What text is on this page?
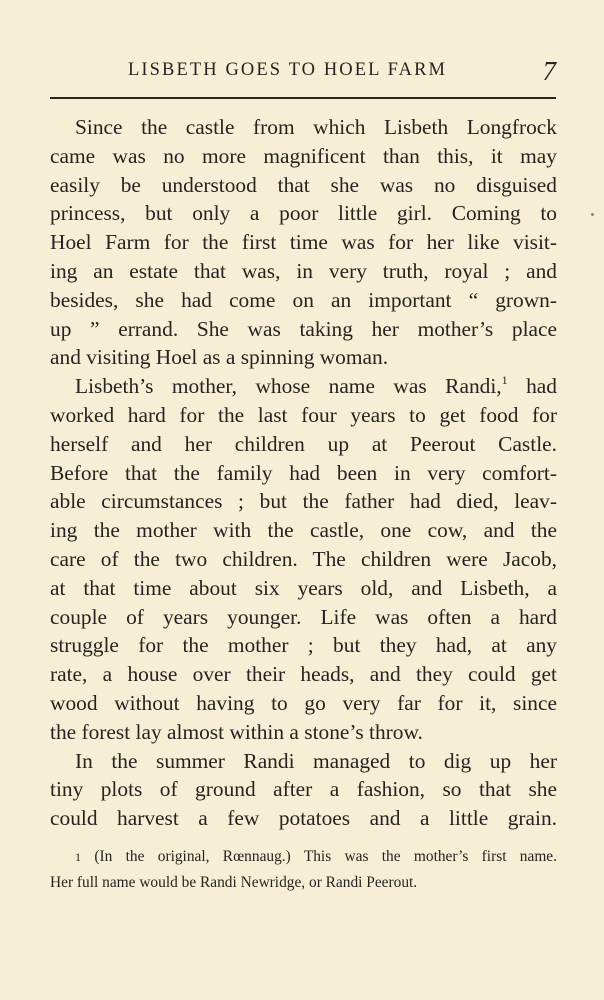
LISBETH GOES TO HOEL FARM	7
Since the castle from which Lisbeth Longfrock
came was no more magnificent than this, it may
easily be understood that she was no disguised
princess, but only a poor little girl. Coming to
Hoel Farm for the first time was for her like visit-
ing an estate that was, in very truth, royal ; and
besides, she had come on an important “ grown-
up ” errand. She was taking her mother’s place
and visiting Hoel as a spinning woman.
Lisbeth’s mother, whose name was Randi,$^1$ had
worked hard for the last four years to get food for
herself and her children up at Peerout Castle.
Before that the family had been in very comfort-
able circumstances ; but the father had died, leav-
ing the mother with the castle, one cow, and the
care of the two children. The children were Jacob,
at that time about six years old, and Lisbeth, a
couple of years younger. Life was often a hard
struggle for the mother ; but they had, at any
rate, a house over their heads, and they could get
wood without having to go very far for it, since
the forest lay almost within a stone’s throw.
In the summer Randi managed to dig up her
tiny plots of ground after a fashion, so that she
could harvest a few potatoes and a little grain.
1 (In the original, Rœnnaug.) This was the mother’s first name.
Her full name would be Randi Newridge, or Randi Peerout.
